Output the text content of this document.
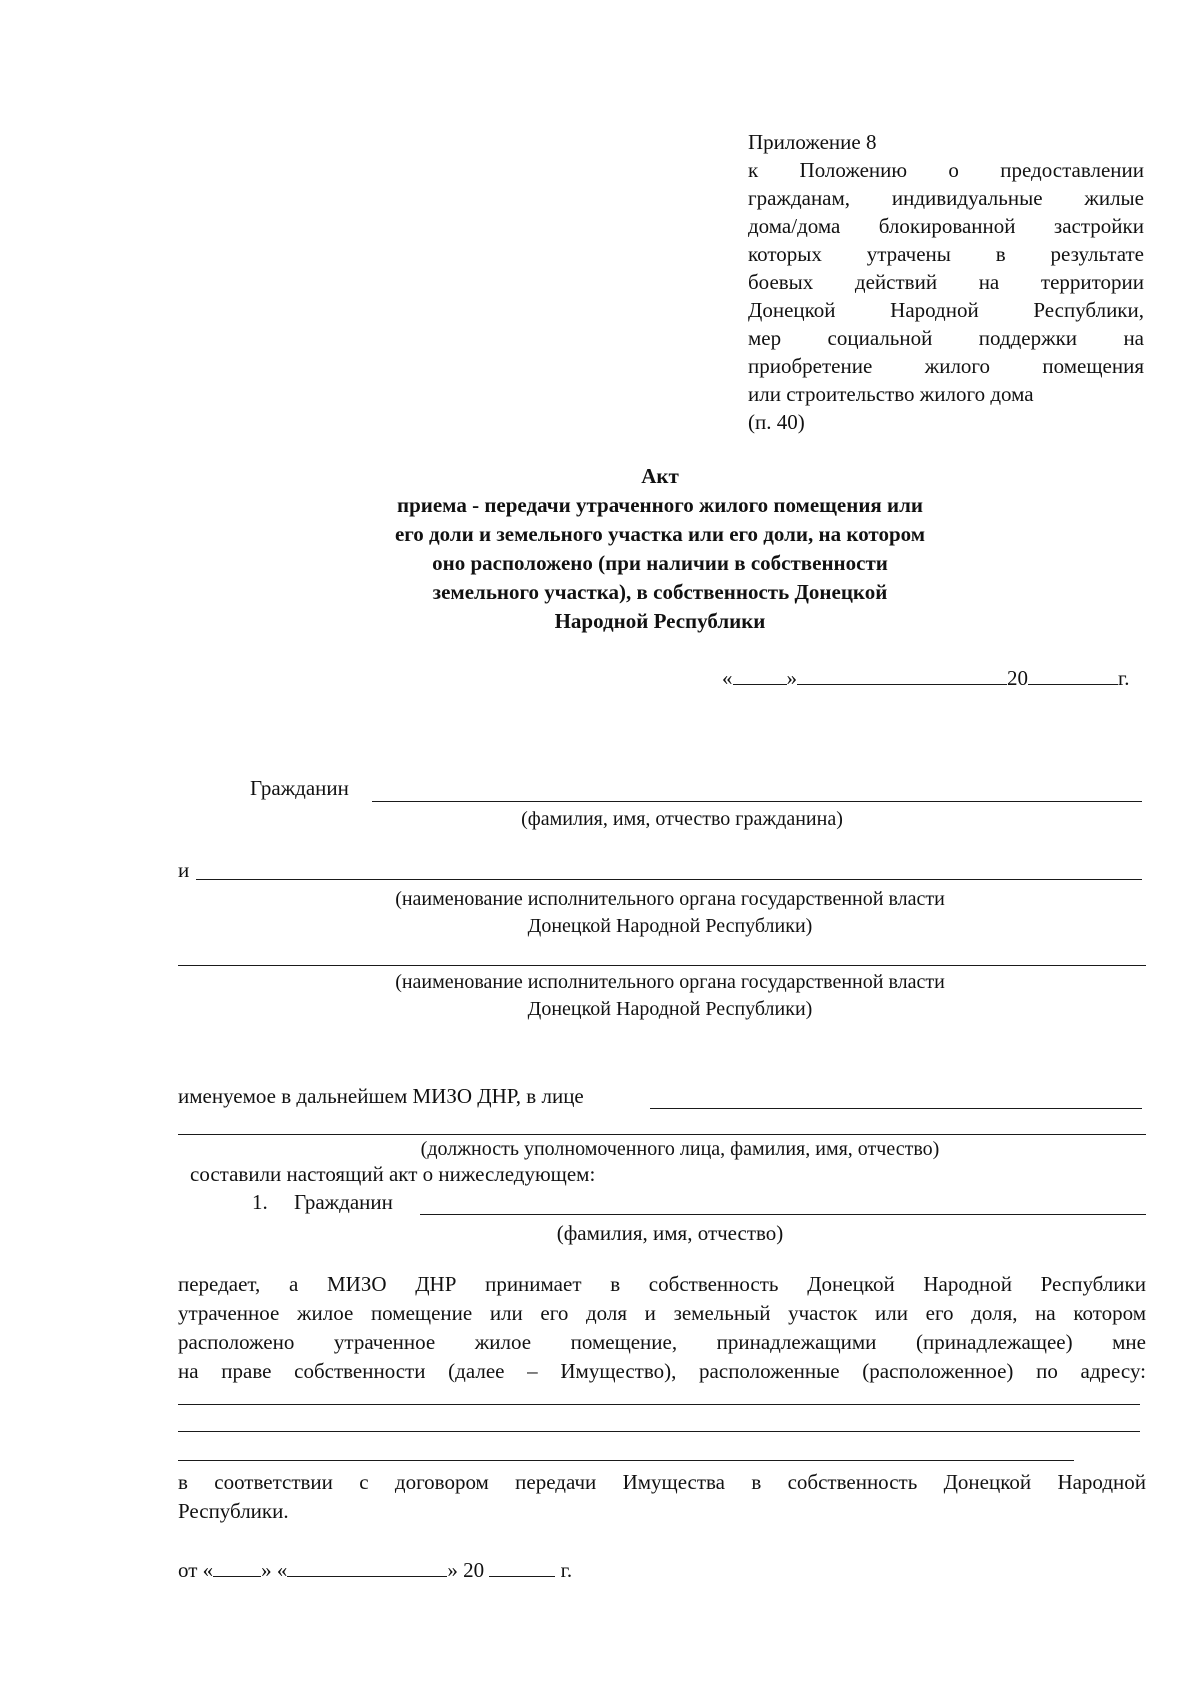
Приложение 8
к Положению о предоставлении
гражданам, индивидуальные жилые
дома/дома блокированной застройки
которых утрачены в результате
боевых действий на территории
Донецкой Народной Республики,
мер социальной поддержки на
приобретение жилого помещения
или строительство жилого дома
(п. 40)
Акт
приема - передачи утраченного жилого помещения или
его доли и земельного участка или его доли, на котором
оно расположено (при наличии в собственности
земельного участка), в собственность Донецкой
Народной Республики
«	»	20	г.
Гражданин
(фамилия, имя, отчество гражданина)
и
(наименование исполнительного органа государственной власти
Донецкой Народной Республики)
(наименование исполнительного органа государственной власти
Донецкой Народной Республики)
именуемое в дальнейшем МИЗО ДНР, в лице
(должность уполномоченного лица, фамилия, имя, отчество)
составили настоящий акт о нижеследующем:
1. Гражданин
(фамилия, имя, отчество)
передает, а МИЗО ДНР принимает в собственность Донецкой Народной Республики
утраченное жилое помещение или его доля и земельный участок или его доля, на котором
расположено утраченное жилое помещение, принадлежащими (принадлежащее) мне
на праве собственности (далее – Имущество), расположенные (расположенное) по адресу:
в соответствии с договором передачи Имущества в собственность Донецкой Народной
Республики.
от « » «	» 20	г.
